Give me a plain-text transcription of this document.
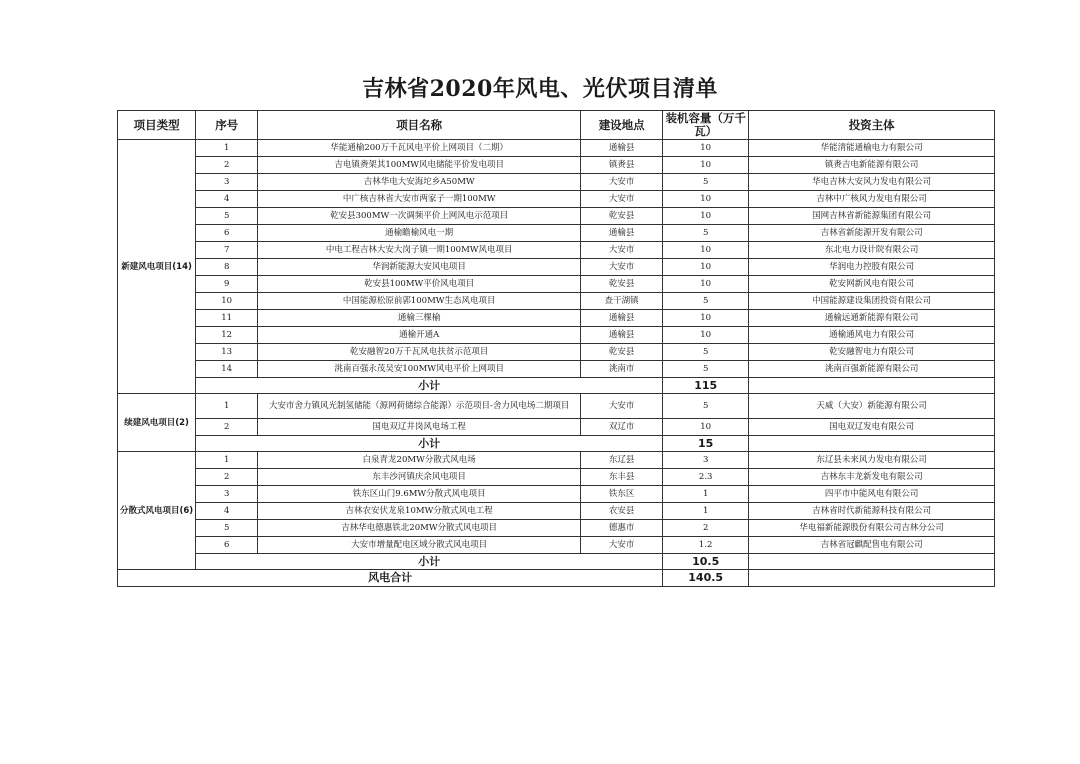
吉林省2020年风电、光伏项目清单
项目类型	序号	项目名称	建设地点	装机容量（万千瓦）	投资主体
新建风电项目(14)	1	华能通榆200万千瓦风电平价上网项目（二期）	通榆县	10	华能清能通榆电力有限公司
	2	吉电镇赉架其100MW风电储能平价发电项目	镇赉县	10	镇赉吉电新能源有限公司
	3	吉林华电大安海坨乡A50MW	大安市	5	华电吉林大安风力发电有限公司
	4	中广核吉林省大安市两家子一期100MW	大安市	10	吉林中广核风力发电有限公司
	5	乾安县300MW一次调频平价上网风电示范项目	乾安县	10	国网吉林省新能源集团有限公司
	6	通榆瞻榆风电一期	通榆县	5	吉林省新能源开发有限公司
	7	中电工程吉林大安大岗子镇一期100MW风电项目	大安市	10	东北电力设计院有限公司
	8	华润新能源大安风电项目	大安市	10	华润电力控股有限公司
	9	乾安县100MW平价风电项目	乾安县	10	乾安网新风电有限公司
	10	中国能源松原前郭100MW生态风电项目	查干湖镇	5	中国能源建设集团投资有限公司
	11	通榆三棵榆	通榆县	10	通榆远通新能源有限公司
	12	通榆开通A	通榆县	10	通榆通风电力有限公司
	13	乾安融智20万千瓦风电扶贫示范项目	乾安县	5	乾安融智电力有限公司
	14	洮南百强永茂吴安100MW风电平价上网项目	洮南市	5	洮南百强新能源有限公司
	小计			115	
续建风电项目(2)	1	大安市舍力镇风光制氢储能（源网荷储综合能源）示范项目-舍力风电场二期项目	大安市	5	天威（大安）新能源有限公司
	2	国电双辽井岗风电场工程	双辽市	10	国电双辽发电有限公司
	小计			15	
分散式风电项目(6)	1	白泉青龙20MW分散式风电场	东辽县	3	东辽县未来风力发电有限公司
	2	东丰沙河镇庆余风电项目	东丰县	2.3	吉林东丰龙新发电有限公司
	3	铁东区山门9.6MW分散式风电项目	铁东区	1	四平市中能风电有限公司
	4	吉林农安伏龙泉10MW分散式风电工程	农安县	1	吉林省时代新能源科技有限公司
	5	吉林华电德惠铁北20MW分散式风电项目	德惠市	2	华电福新能源股份有限公司吉林分公司
	6	大安市增量配电区域分散式风电项目	大安市	1.2	吉林省冠麒配售电有限公司
	小计			10.5	
风电合计				140.5	
